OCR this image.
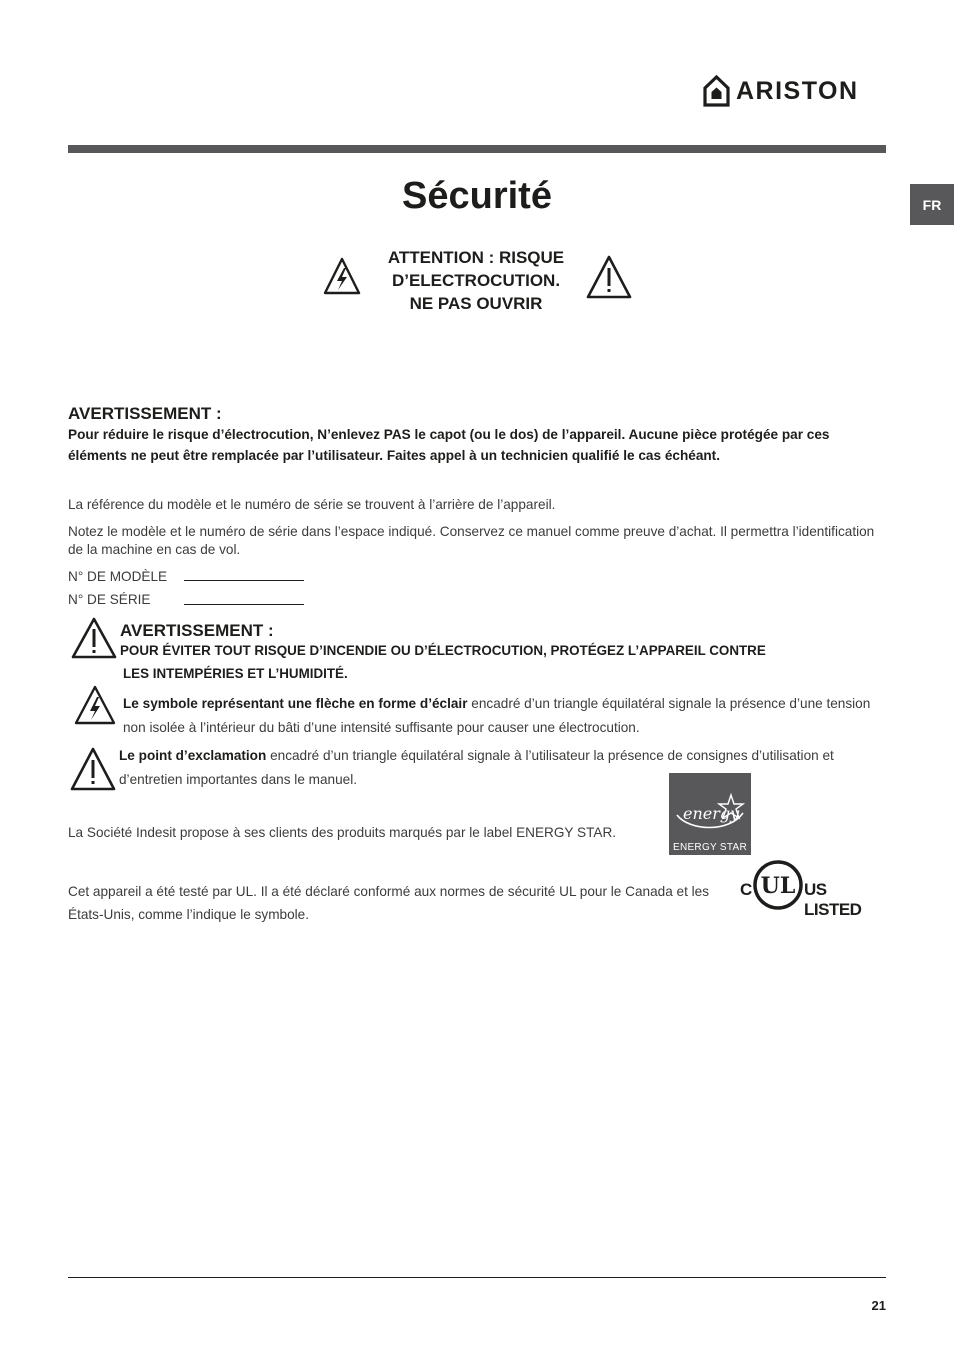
ARISTON
FR
Sécurité
ATTENTION : RISQUE
D’ELECTROCUTION.
NE PAS OUVRIR
AVERTISSEMENT :
Pour réduire le risque d’électrocution, N’enlevez PAS le capot (ou le dos) de l’appareil. Aucune pièce protégée par ces éléments ne peut être remplacée par l’utilisateur. Faites appel à un technicien qualifié le cas échéant.
La référence du modèle et le numéro de série se trouvent à l’arrière de l’appareil.
Notez le modèle et le numéro de série dans l’espace indiqué. Conservez ce manuel comme preuve d’achat. Il permettra l’identification de la machine en cas de vol.
N° DE MODÈLE
N° DE SÉRIE
AVERTISSEMENT :
POUR ÉVITER TOUT RISQUE D’INCENDIE OU D’ÉLECTROCUTION, PROTÉGEZ L’APPAREIL CONTRE
LES INTEMPÉRIES ET L’HUMIDITÉ.
Le symbole représentant une flèche en forme d’éclair encadré d’un triangle équilatéral signale la présence d’une tension non isolée à l’intérieur du bâti d’une intensité suffisante pour causer une électrocution.
Le point d’exclamation encadré d’un triangle équilatéral signale à l’utilisateur la présence de consignes d’utilisation et d’entretien importantes dans le manuel.
La Société Indesit propose à ses clients des produits marqués par le label ENERGY STAR.
energy
ENERGY STAR
Cet appareil a été testé par UL. Il a été déclaré conformé aux normes de sécurité UL pour le Canada et les États-Unis, comme l’indique le symbole.
C UL US LISTED
21
